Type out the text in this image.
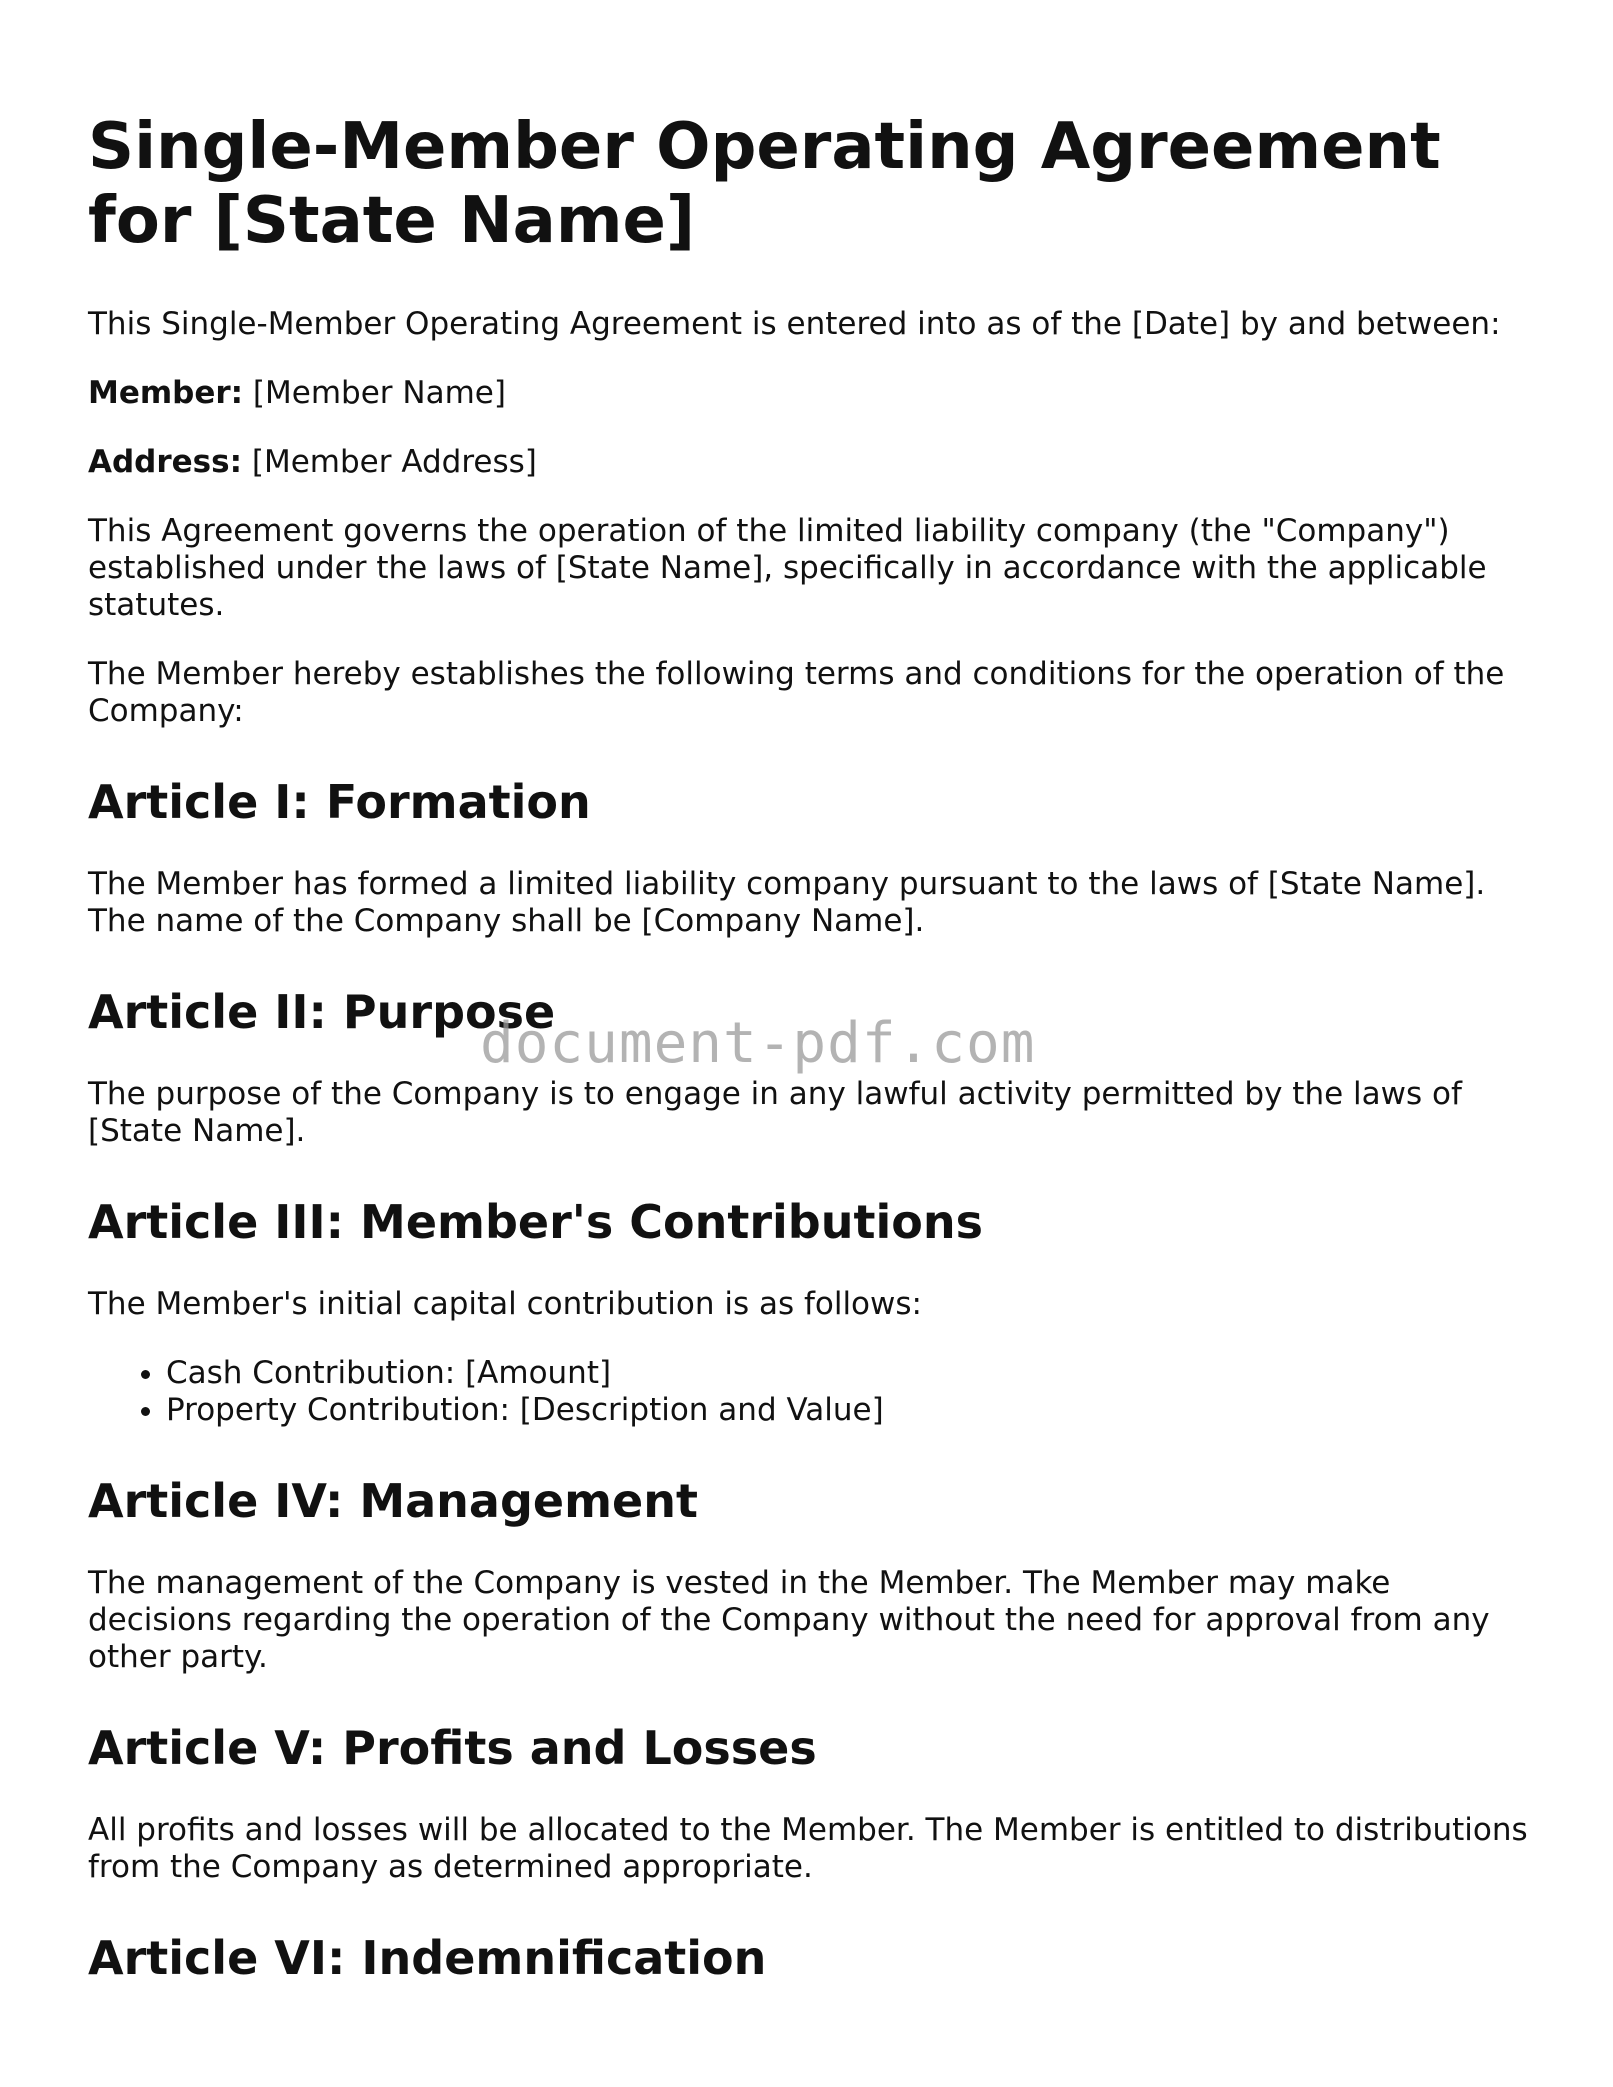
Single-Member Operating Agreement for [State Name]

This Single-Member Operating Agreement is entered into as of the [Date] by and between:

Member: [Member Name]

Address: [Member Address]

This Agreement governs the operation of the limited liability company (the "Company") established under the laws of [State Name], specifically in accordance with the applicable statutes.

The Member hereby establishes the following terms and conditions for the operation of the Company:

Article I: Formation

The Member has formed a limited liability company pursuant to the laws of [State Name]. The name of the Company shall be [Company Name].

Article II: Purpose

The purpose of the Company is to engage in any lawful activity permitted by the laws of [State Name].

Article III: Member's Contributions

The Member's initial capital contribution is as follows:

• Cash Contribution: [Amount]
• Property Contribution: [Description and Value]
Article IV: Management

The management of the Company is vested in the Member. The Member may make decisions regarding the operation of the Company without the need for approval from any other party.

Article V: Profits and Losses

All profits and losses will be allocated to the Member. The Member is entitled to distributions from the Company as determined appropriate.

Article VI: Indemnification
document-pdf.com
